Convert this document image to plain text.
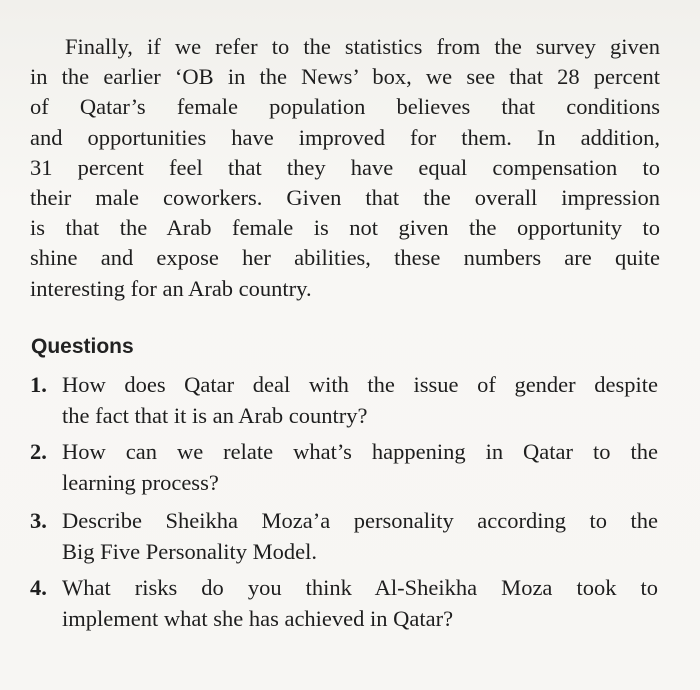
Finally, if we refer to the statistics from the survey given
in the earlier ‘OB in the News’ box, we see that 28 percent
of Qatar’s female population believes that conditions
and opportunities have improved for them. In addition,
31 percent feel that they have equal compensation to
their male coworkers. Given that the overall impression
is that the Arab female is not given the opportunity to
shine and expose her abilities, these numbers are quite
interesting for an Arab country.
Questions
1. How does Qatar deal with the issue of gender despite
the fact that it is an Arab country?
2. How can we relate what’s happening in Qatar to the
learning process?
3. Describe Sheikha Moza’a personality according to the
Big Five Personality Model.
4. What risks do you think Al-Sheikha Moza took to
implement what she has achieved in Qatar?
